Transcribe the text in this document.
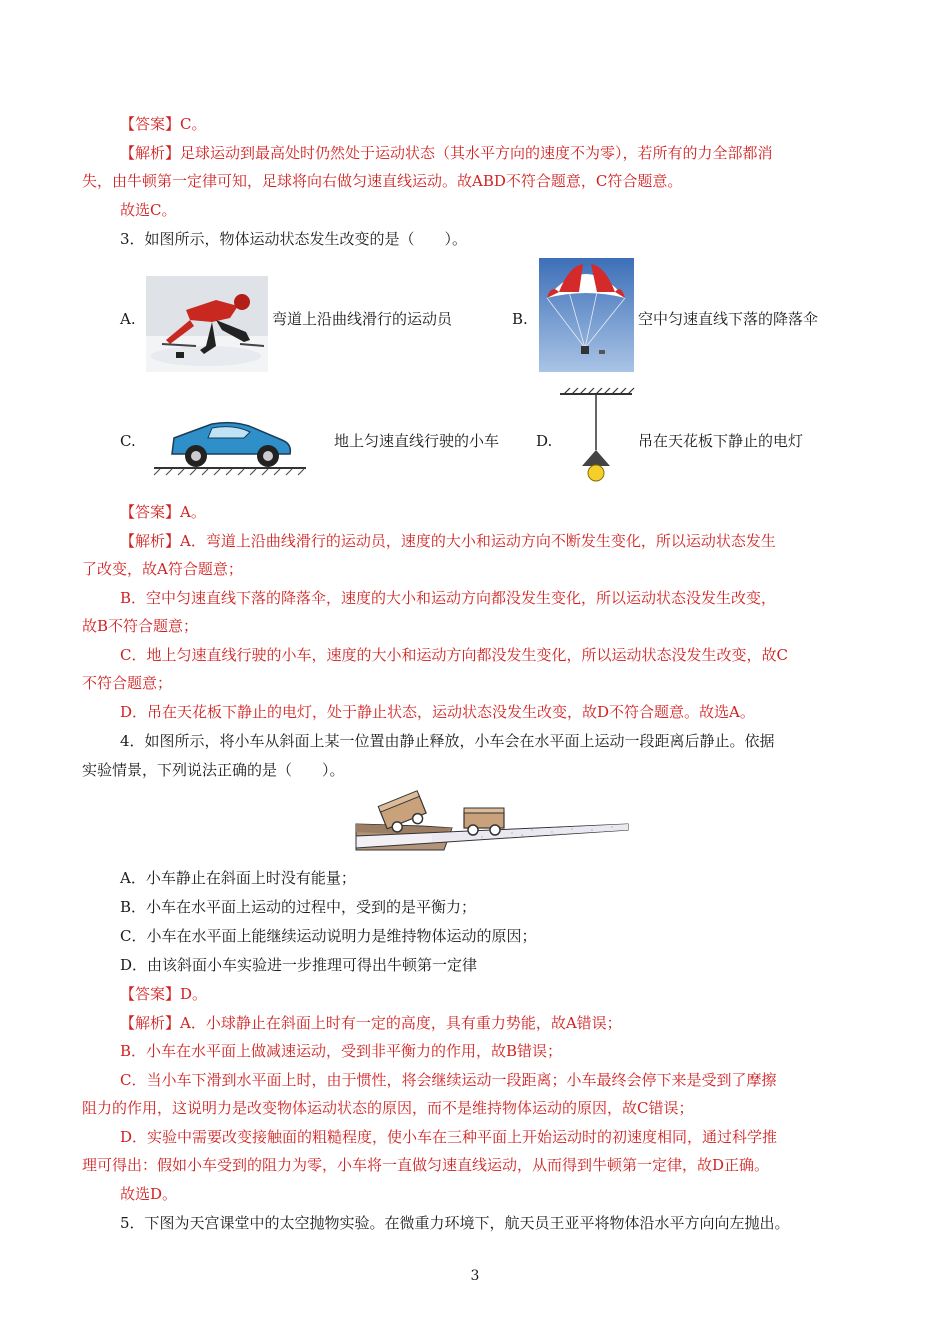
【答案】C。
【解析】足球运动到最高处时仍然处于运动状态（其水平方向的速度不为零），若所有的力全部都消
失，由牛顿第一定律可知，足球将向右做匀速直线运动。故ABD不符合题意，C符合题意。
故选C。
3．如图所示，物体运动状态发生改变的是（　　）。
A.	弯道上沿曲线滑行的运动员	B.	空中匀速直线下落的降落伞
C.	地上匀速直线行驶的小车 D.	吊在天花板下静止的电灯
【答案】A。
【解析】A．弯道上沿曲线滑行的运动员，速度的大小和运动方向不断发生变化，所以运动状态发生
了改变，故A符合题意；
B．空中匀速直线下落的降落伞，速度的大小和运动方向都没发生变化，所以运动状态没发生改变，
故B不符合题意；
C．地上匀速直线行驶的小车，速度的大小和运动方向都没发生变化，所以运动状态没发生改变，故C
不符合题意；
D．吊在天花板下静止的电灯，处于静止状态，运动状态没发生改变，故D不符合题意。故选A。
4．如图所示，将小车从斜面上某一位置由静止释放，小车会在水平面上运动一段距离后静止。依据
实验情景，下列说法正确的是（　　）。
A．小车静止在斜面上时没有能量；
B．小车在水平面上运动的过程中，受到的是平衡力；
C．小车在水平面上能继续运动说明力是维持物体运动的原因；
D．由该斜面小车实验进一步推理可得出牛顿第一定律
【答案】D。
【解析】A．小球静止在斜面上时有一定的高度，具有重力势能，故A错误；
B．小车在水平面上做减速运动，受到非平衡力的作用，故B错误；
C．当小车下滑到水平面上时，由于惯性，将会继续运动一段距离；小车最终会停下来是受到了摩擦
阻力的作用，这说明力是改变物体运动状态的原因，而不是维持物体运动的原因，故C错误；
D．实验中需要改变接触面的粗糙程度，使小车在三种平面上开始运动时的初速度相同，通过科学推
理可得出：假如小车受到的阻力为零，小车将一直做匀速直线运动，从而得到牛顿第一定律，故D正确。
故选D。
5．下图为天宫课堂中的太空抛物实验。在微重力环境下，航天员王亚平将物体沿水平方向向左抛出。
3
